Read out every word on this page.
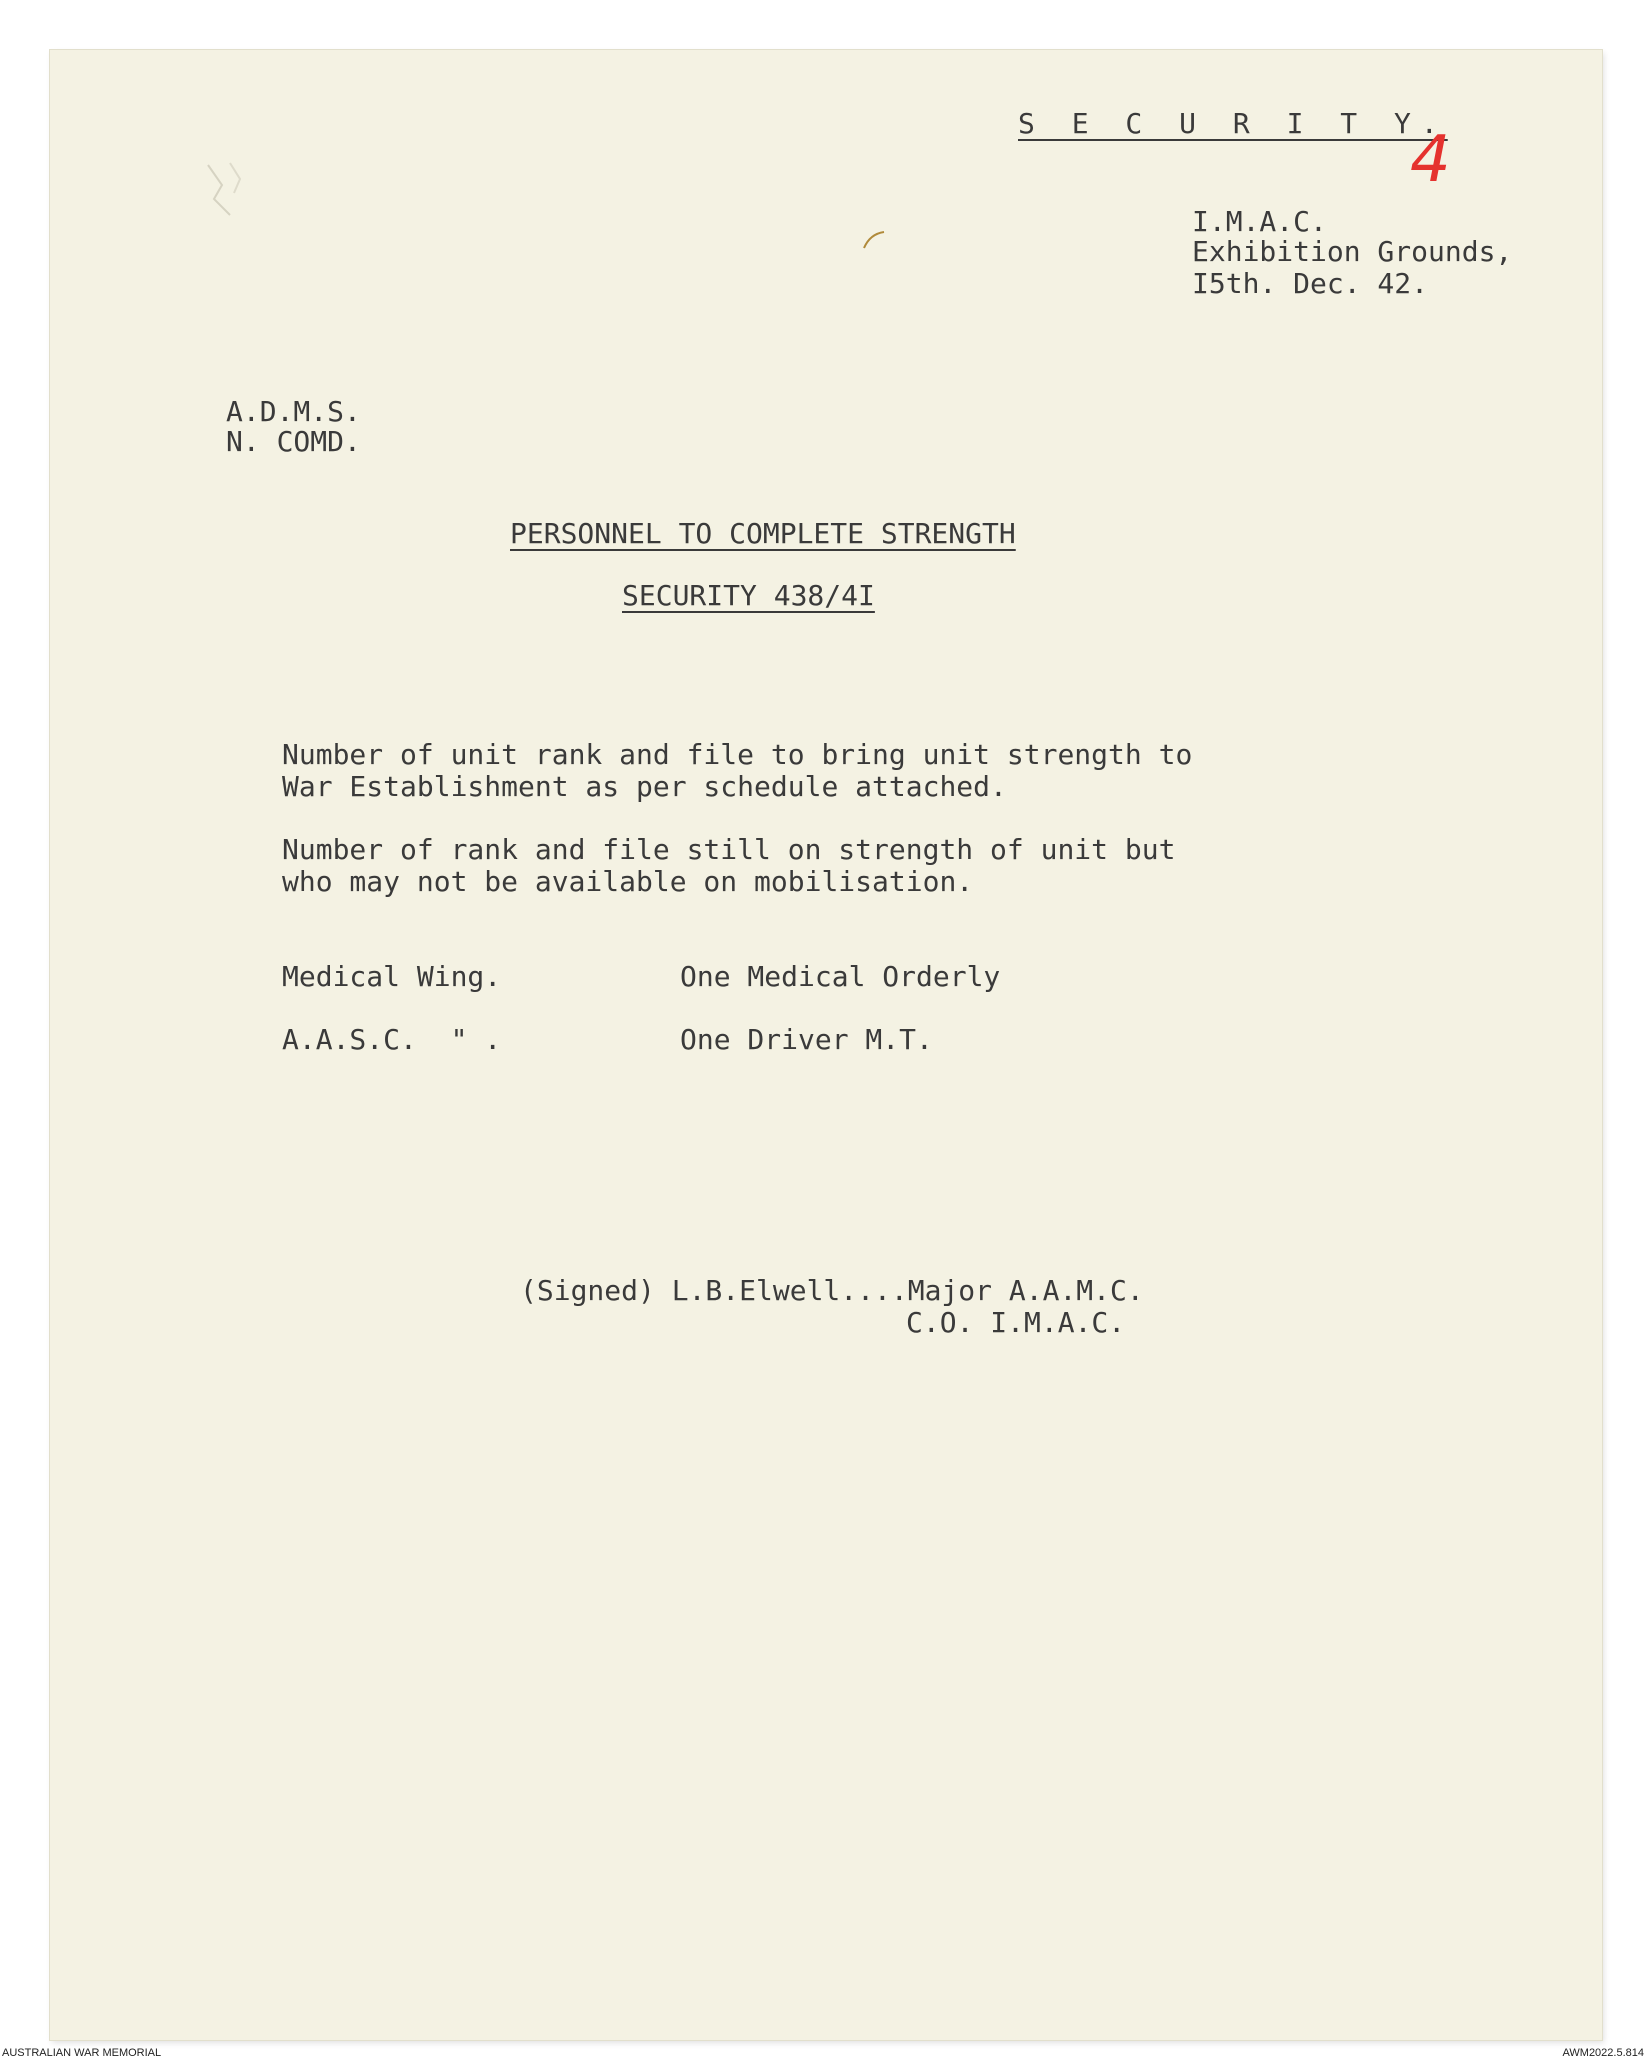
S E C U R I T Y.

4

I.M.A.C.

Exhibition Grounds,

I5th. Dec. 42.

A.D.M.S.

N. COMD.

PERSONNEL TO COMPLETE STRENGTH

SECURITY 438/4I

Number of unit rank and file to bring unit strength to

War Establishment as per schedule attached.

Number of rank and file still on strength of unit but

who may not be available on mobilisation.

Medical Wing.	One Medical Orderly

A.A.S.C.  " .	One Driver M.T.

(Signed) L.B.Elwell....Major A.A.M.C.

C.O. I.M.A.C.

AUSTRALIAN WAR MEMORIAL	AWM2022.5.814
